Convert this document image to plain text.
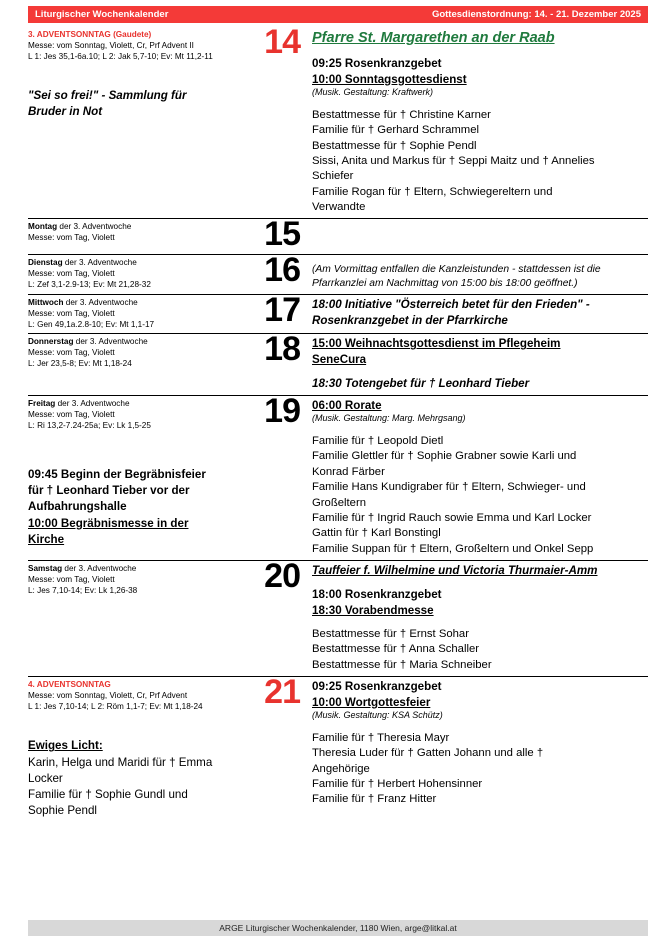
Liturgischer Wochenkalender	Gottesdienstordnung: 14. - 21. Dezember 2025
3. ADVENTSONNTAG (Gaudete)
Messe: vom Sonntag, Violett, Cr, Prf Advent II
L 1: Jes 35,1-6a.10; L 2: Jak 5,7-10; Ev: Mt 11,2-11
"Sei so frei!" - Sammlung für
Bruder in Not
14 Pfarre St. Margarethen an der Raab
09:25 Rosenkranzgebet
10:00 Sonntagsgottesdienst
(Musik. Gestaltung: Kraftwerk)
Bestattmesse für † Christine Karner
Familie für † Gerhard Schrammel
Bestattmesse für † Sophie Pendl
Sissi, Anita und Markus für † Seppi Maitz und † Annelies
Schiefer
Familie Rogan für † Eltern, Schwiegereltern und
Verwandte
Montag der 3. Adventwoche
Messe: vom Tag, Violett	15
Dienstag der 3. Adventwoche
Messe: vom Tag, Violett
L: Zef 3,1-2.9-13; Ev: Mt 21,28-32	16 (Am Vormittag entfallen die Kanzleistunden - stattdessen ist die
Pfarrkanzlei am Nachmittag von 15:00 bis 18:00 geöffnet.)
Mittwoch der 3. Adventwoche
Messe: vom Tag, Violett
L: Gen 49,1a.2.8-10; Ev: Mt 1,1-17	17 18:00 Initiative "Österreich betet für den Frieden" -
Rosenkranzgebet in der Pfarrkirche
Donnerstag der 3. Adventwoche
Messe: vom Tag, Violett
L: Jer 23,5-8; Ev: Mt 1,18-24	18 15:00 Weihnachtsgottesdienst im Pflegeheim
SeneCura
18:30 Totengebet für † Leonhard Tieber
Freitag der 3. Adventwoche
Messe: vom Tag, Violett
L: Ri 13,2-7.24-25a; Ev: Lk 1,5-25
09:45 Beginn der Begräbnisfeier
für † Leonhard Tieber vor der
Aufbahrungshalle
10:00 Begräbnismesse in der
Kirche
19 06:00 Rorate
(Musik. Gestaltung: Marg. Mehrgsang)
Familie für † Leopold Dietl
Familie Glettler für † Sophie Grabner sowie Karli und
Konrad Färber
Familie Hans Kundigraber für † Eltern, Schwieger- und
Großeltern
Familie für † Ingrid Rauch sowie Emma und Karl Locker
Gattin für † Karl Bonstingl
Familie Suppan für † Eltern, Großeltern und Onkel Sepp
Samstag der 3. Adventwoche
Messe: vom Tag, Violett
L: Jes 7,10-14; Ev: Lk 1,26-38	20 Tauffeier f. Wilhelmine und Victoria Thurmaier-Amm
18:00 Rosenkranzgebet
18:30 Vorabendmesse
Bestattmesse für † Ernst Sohar
Bestattmesse für † Anna Schaller
Bestattmesse für † Maria Schneiber
4. ADVENTSONNTAG
Messe: vom Sonntag, Violett, Cr, Prf Advent
L 1: Jes 7,10-14; L 2: Röm 1,1-7; Ev: Mt 1,18-24
Ewiges Licht:
Karin, Helga und Maridi für † Emma
Locker
Familie für † Sophie Gundl und
Sophie Pendl
21 09:25 Rosenkranzgebet
10:00 Wortgottesfeier
(Musik. Gestaltung: KSA Schütz)
Familie für † Theresia Mayr
Theresia Luder für † Gatten Johann und alle †
Angehörige
Familie für † Herbert Hohensinner
Familie für † Franz Hitter
ARGE Liturgischer Wochenkalender, 1180 Wien, arge@litkal.at
